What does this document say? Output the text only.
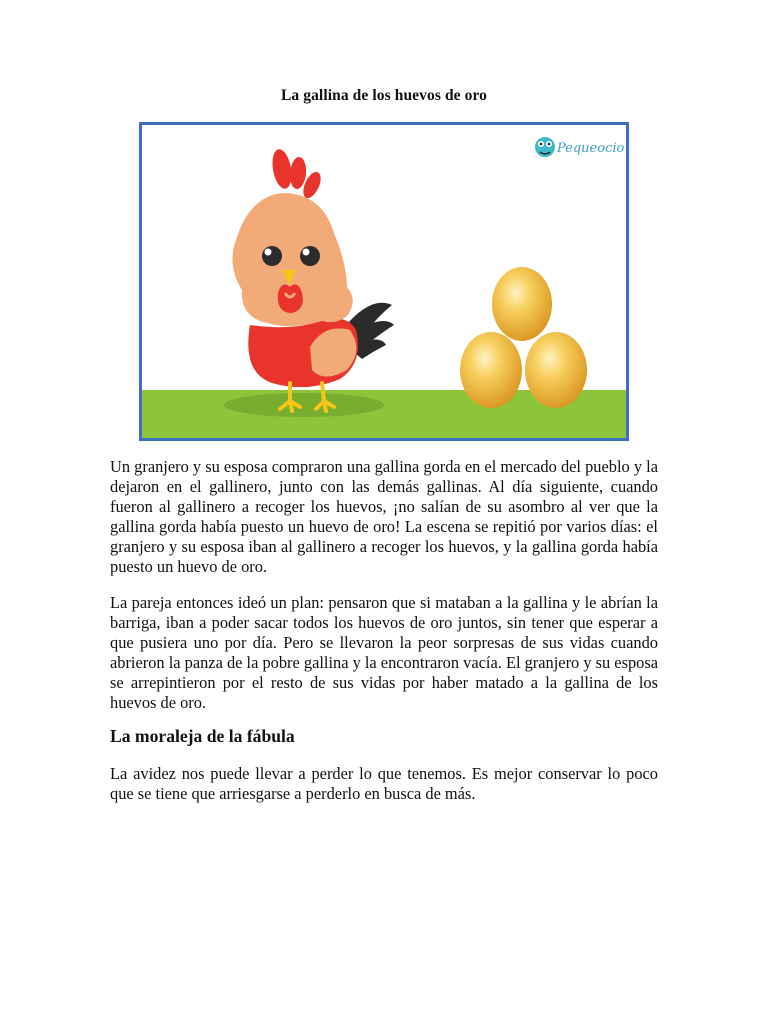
La gallina de los huevos de oro
Pequeocio

Un granjero y su esposa compraron una gallina gorda en el mercado del pueblo y la dejaron en el gallinero, junto con las demás gallinas. Al día siguiente, cuando fueron al gallinero a recoger los huevos, ¡no salían de su asombro al ver que la gallina gorda había puesto un huevo de oro! La escena se repitió por varios días: el granjero y su esposa iban al gallinero a recoger los huevos, y la gallina gorda había puesto un huevo de oro.

La pareja entonces ideó un plan: pensaron que si mataban a la gallina y le abrían la barriga, iban a poder sacar todos los huevos de oro juntos, sin tener que esperar a que pusiera uno por día. Pero se llevaron la peor sorpresas de sus vidas cuando abrieron la panza de la pobre gallina y la encontraron vacía. El granjero y su esposa se arrepintieron por el resto de sus vidas por haber matado a la gallina de los huevos de oro.

La moraleja de la fábula

La avidez nos puede llevar a perder lo que tenemos. Es mejor conservar lo poco que se tiene que arriesgarse a perderlo en busca de más.
